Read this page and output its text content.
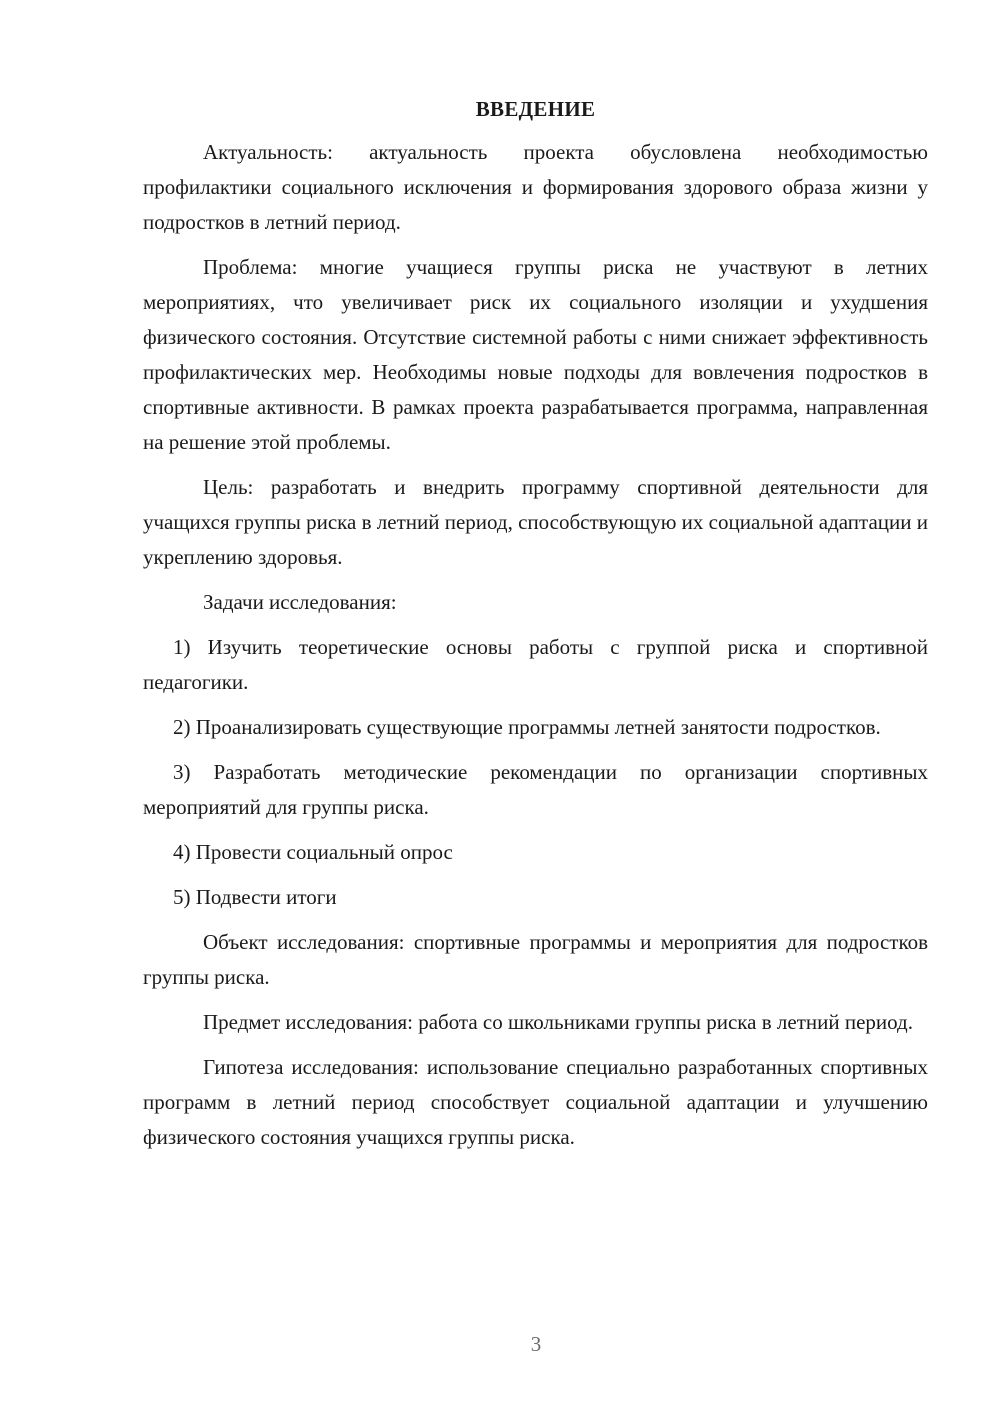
ВВЕДЕНИЕ

Актуальность: актуальность проекта обусловлена необходимостью профилактики социального исключения и формирования здорового образа жизни у подростков в летний период.

Проблема: многие учащиеся группы риска не участвуют в летних мероприятиях, что увеличивает риск их социального изоляции и ухудшения физического состояния. Отсутствие системной работы с ними снижает эффективность профилактических мер. Необходимы новые подходы для вовлечения подростков в спортивные активности. В рамках проекта разрабатывается программа, направленная на решение этой проблемы.

Цель: разработать и внедрить программу спортивной деятельности для учащихся группы риска в летний период, способствующую их социальной адаптации и укреплению здоровья.

Задачи исследования:

1) Изучить теоретические основы работы с группой риска и спортивной педагогики.

2) Проанализировать существующие программы летней занятости подростков.

3) Разработать методические рекомендации по организации спортивных мероприятий для группы риска.

4) Провести социальный опрос

5) Подвести итоги

Объект исследования: спортивные программы и мероприятия для подростков группы риска.

Предмет исследования: работа со школьниками группы риска в летний период.

Гипотеза исследования: использование специально разработанных спортивных программ в летний период способствует социальной адаптации и улучшению физического состояния учащихся группы риска.

3
